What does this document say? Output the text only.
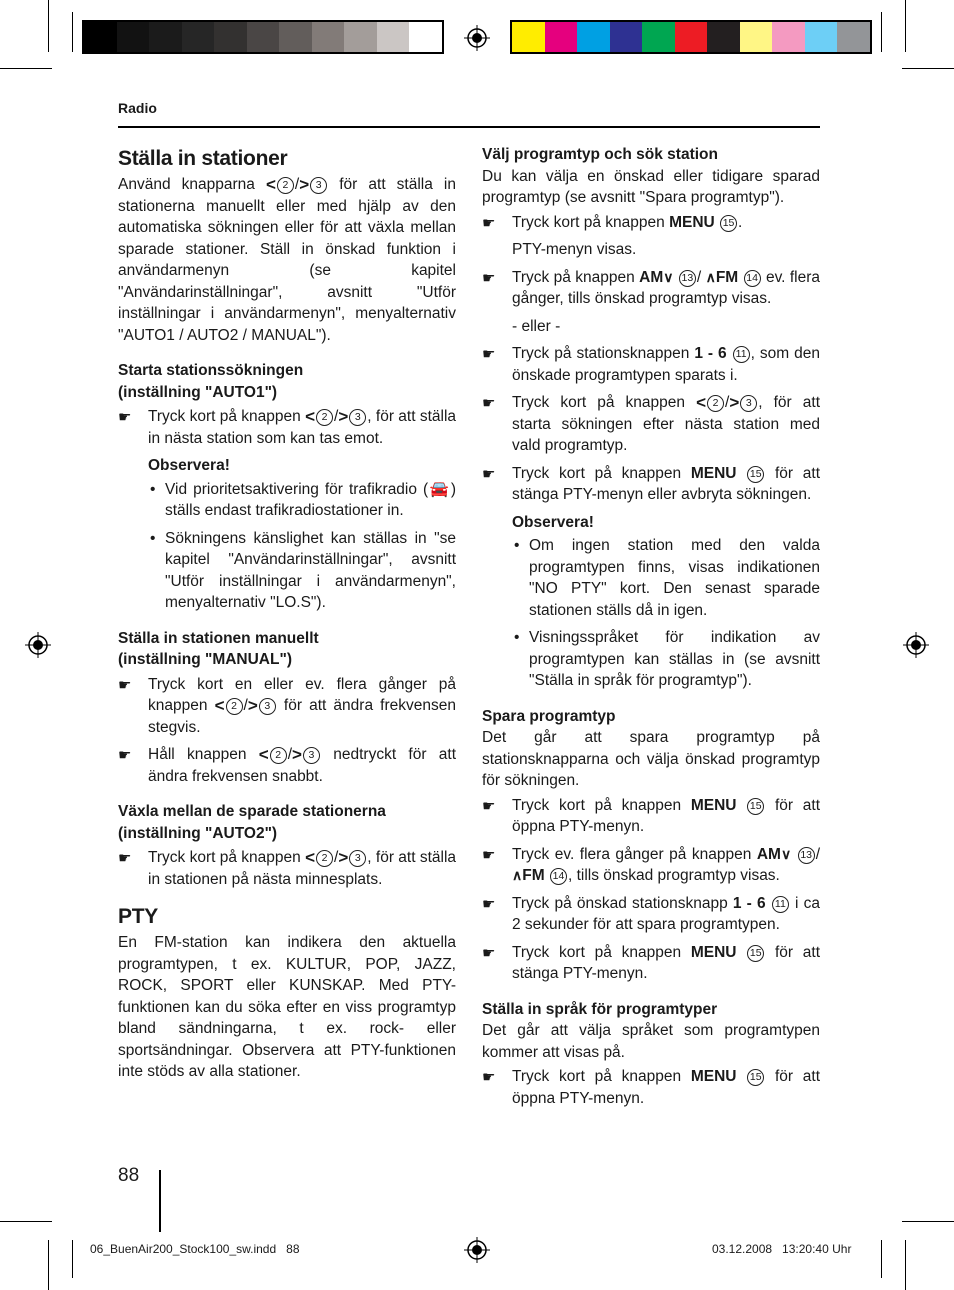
Radio
Ställa in stationer

Använd knapparna < 2 /> 3 för att ställa in stationerna manuellt eller med hjälp av den automatiska sökningen eller för att växla mellan sparade stationer. Ställ in önskad funktion i användarmenyn (se kapitel "Användarinställningar", avsnitt "Utför inställningar i användarmenyn", menyalternativ "AUTO1 / AUTO2 / MANUAL").

Starta stationssökningen
(inställning "AUTO1")
☛ Tryck kort på knappen < 2 /> 3 , för att ställa in nästa station som kan tas emot.
Observera!
• Vid prioritetsaktivering för trafikradio (🚘) ställs endast trafikradiostationer in.
• Sökningens känslighet kan ställas in "se kapitel "Användarinställningar", avsnitt "Utför inställningar i användarmenyn", menyalternativ "LO.S").
Ställa in stationen manuellt
(inställning "MANUAL")
☛ Tryck kort en eller ev. flera gånger på knappen < 2 /> 3 för att ändra frekvensen stegvis.
☛ Håll knappen < 2 /> 3 nedtryckt för att ändra frekvensen snabbt.
Växla mellan de sparade stationerna
(inställning "AUTO2")
☛ Tryck kort på knappen < 2 /> 3 , för att ställa in stationen på nästa minnesplats.
PTY

En FM-station kan indikera den aktuella programtypen, t ex. KULTUR, POP, JAZZ, ROCK, SPORT eller KUNSKAP. Med PTY-funktionen kan du söka efter en viss programtyp bland sändningarna, t ex. rock- eller sportsändningar. Observera att PTY-funktionen inte stöds av alla stationer.

Välj programtyp och sök station

Du kan välja en önskad eller tidigare sparad programtyp (se avsnitt "Spara programtyp").

☛ Tryck kort på knappen MENU 15 .
PTY-menyn visas.
☛ Tryck på knappen AM∨ 13 / ∧FM 14 ev. flera gånger, tills önskad programtyp visas.
- eller -
☛ Tryck på stationsknappen 1 - 6 11 , som den önskade programtypen sparats i.
☛ Tryck kort på knappen < 2 /> 3 , för att starta sökningen efter nästa station med vald programtyp.
☛ Tryck kort på knappen MENU 15 för att stänga PTY-menyn eller avbryta sökningen.
Observera!
• Om ingen station med den valda programtypen finns, visas indikationen "NO PTY" kort. Den senast sparade stationen ställs då in igen.
• Visningsspråket för indikation av programtypen kan ställas in (se avsnitt "Ställa in språk för programtyp").
Spara programtyp

Det går att spara programtyp på stationsknapparna och välja önskad programtyp för sökningen.

☛ Tryck kort på knappen MENU 15 för att öppna PTY-menyn.
☛ Tryck ev. flera gånger på knappen AM∨ 13 / ∧FM 14 , tills önskad programtyp visas.
☛ Tryck på önskad stationsknapp 1 - 6 11 i ca 2 sekunder för att spara programtypen.
☛ Tryck kort på knappen MENU 15 för att stänga PTY-menyn.
Ställa in språk för programtyper

Det går att välja språket som programtypen kommer att visas på.

☛ Tryck kort på knappen MENU 15 för att öppna PTY-menyn.
88
06_BuenAir200_Stock100_sw.indd   88	03.12.2008   13:20:40 Uhr
